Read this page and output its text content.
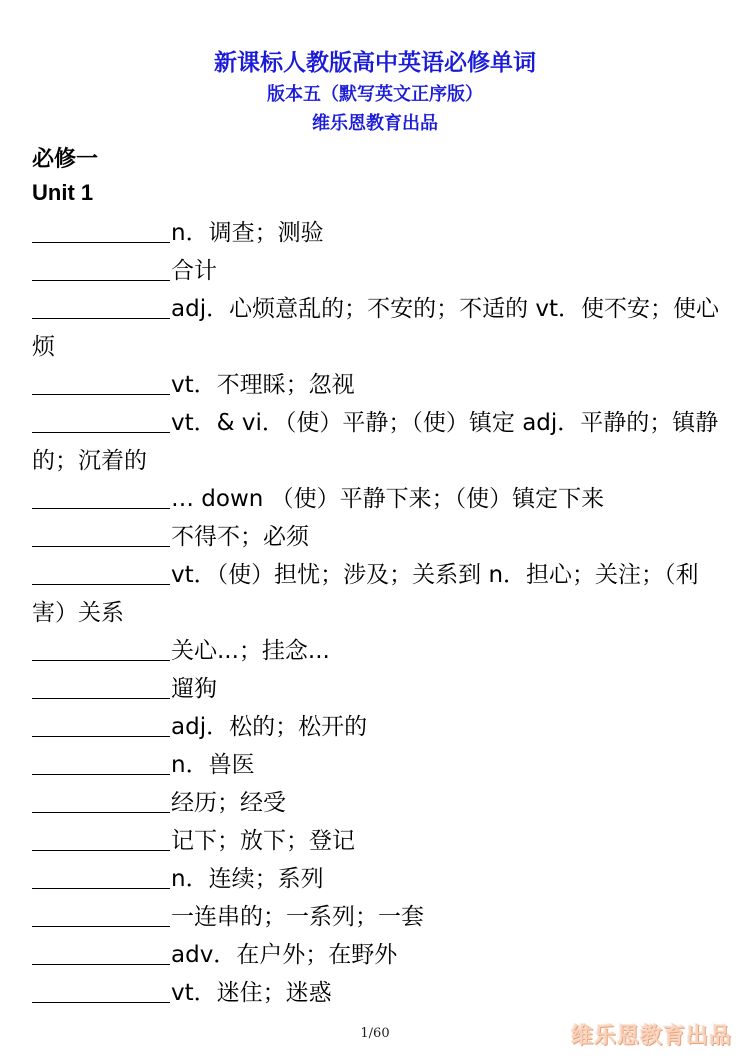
新课标人教版高中英语必修单词
版本五（默写英文正序版）
维乐恩教育出品
必修一
Unit 1

n．调查；测验

合计

adj．心烦意乱的；不安的；不适的 vt．使不安；使心烦

vt．不理睬；忽视

vt．& vi．（使）平静；（使）镇定 adj．平静的；镇静的；沉着的

… down （使）平静下来；（使）镇定下来

不得不；必须

vt．（使）担忧；涉及；关系到 n．担心；关注；（利害）关系

关心...；挂念...

遛狗

adj．松的；松开的

n．兽医

经历；经受

记下；放下；登记

n．连续；系列

一连串的；一系列；一套

adv．在户外；在野外

vt．迷住；迷惑

1/60	维乐恩教育出品
